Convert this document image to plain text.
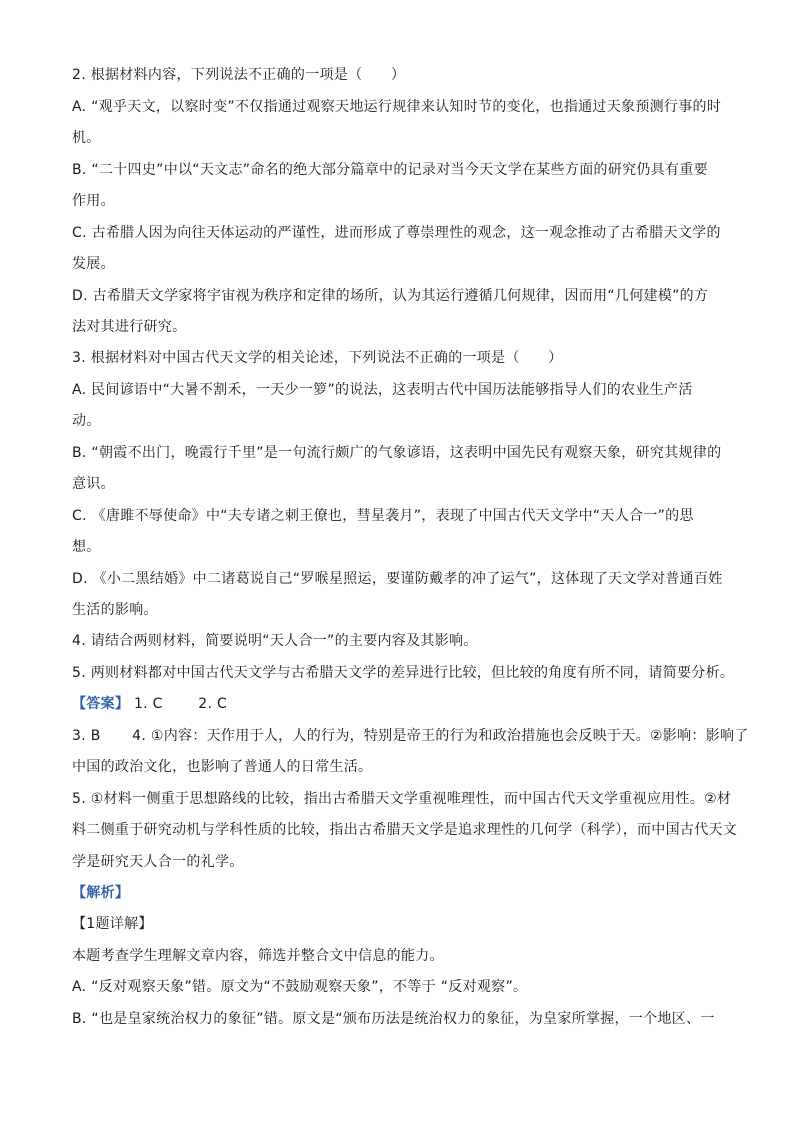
2. 根据材料内容，下列说法不正确的一项是（　　）
A. “观乎天文，以察时变”不仅指通过观察天地运行规律来认知时节的变化，也指通过天象预测行事的时
机。
B. “二十四史”中以“天文志”命名的绝大部分篇章中的记录对当今天文学在某些方面的研究仍具有重要
作用。
C. 古希腊人因为向往天体运动的严谨性，进而形成了尊崇理性的观念，这一观念推动了古希腊天文学的
发展。
D. 古希腊天文学家将宇宙视为秩序和定律的场所，认为其运行遵循几何规律，因而用“几何建模”的方
法对其进行研究。
3. 根据材料对中国古代天文学的相关论述，下列说法不正确的一项是（　　）
A. 民间谚语中“大暑不割禾，一天少一箩”的说法，这表明古代中国历法能够指导人们的农业生产活
动。
B. “朝霞不出门，晚霞行千里”是一句流行颇广的气象谚语，这表明中国先民有观察天象，研究其规律的
意识。
C. 《唐雎不辱使命》中“夫专诸之刺王僚也，彗星袭月”，表现了中国古代天文学中“天人合一”的思
想。
D. 《小二黑结婚》中二诸葛说自己“罗喉星照运，要谨防戴孝的冲了运气”，这体现了天文学对普通百姓
生活的影响。
4. 请结合两则材料，简要说明“天人合一”的主要内容及其影响。
5. 两则材料都对中国古代天文学与古希腊天文学的差异进行比较，但比较的角度有所不同，请简要分析。
【答案】 1. C	2. C
3. B 4. ①内容：天作用于人，人的行为，特别是帝王的行为和政治措施也会反映于天。②影响：影响了
中国的政治文化，也影响了普通人的日常生活。
5. ①材料一侧重于思想路线的比较，指出古希腊天文学重视唯理性，而中国古代天文学重视应用性。②材
料二侧重于研究动机与学科性质的比较，指出古希腊天文学是追求理性的几何学（科学），而中国古代天文
学是研究天人合一的礼学。
【解析】
【1题详解】
本题考查学生理解文章内容，筛选并整合文中信息的能力。
A. “反对观察天象”错。原文为“不鼓励观察天象”，不等于 “反对观察”。
B. “也是皇家统治权力的象征”错。原文是“颁布历法是统治权力的象征，为皇家所掌握，一个地区、一
